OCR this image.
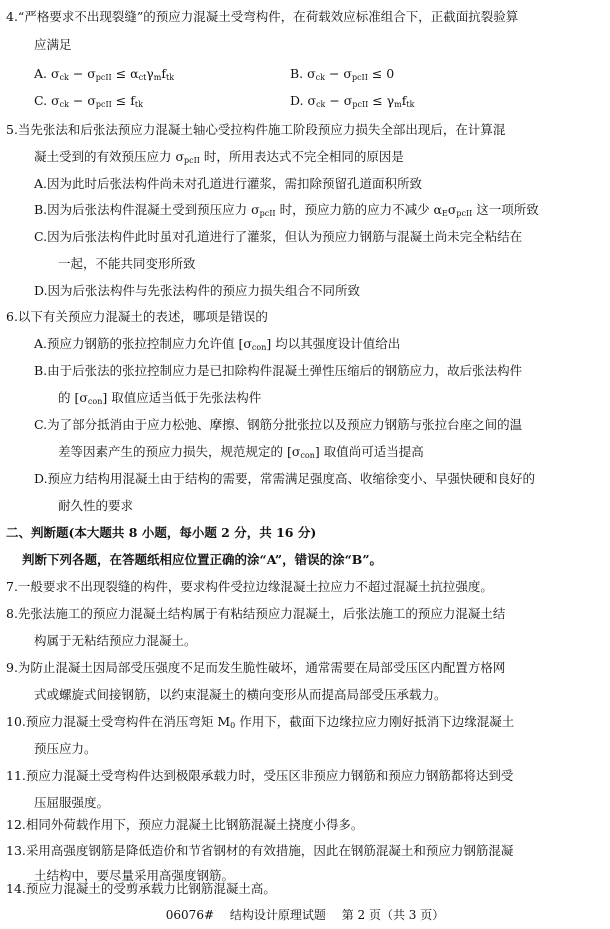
4.“严格要求不出现裂缝”的预应力混凝土受弯构件，在荷载效应标准组合下，正截面抗裂验算
应满足
A. $\sigma_{ck} - \sigma_{pcII} \le \alpha_{ct}\gamma_mf_{tk}$	B. $\sigma_{ck} - \sigma_{pcII} \le 0$
C. $\sigma_{ck} - \sigma_{pcII} \le f_{tk}$	D. $\sigma_{ck} - \sigma_{pcII} \le \gamma_mf_{tk}$
5.当先张法和后张法预应力混凝土轴心受拉构件施工阶段预应力损失全部出现后，在计算混
凝土受到的有效预压应力 $\sigma_{pcII}$ 时，所用表达式不完全相同的原因是
A.因为此时后张法构件尚未对孔道进行灌浆，需扣除预留孔道面积所致
B.因为后张法构件混凝土受到预压应力 $\sigma_{pcII}$ 时，预应力筋的应力不减少 $\alpha_E\sigma_{pcII}$ 这一项所致
C.因为后张法构件此时虽对孔道进行了灌浆，但认为预应力钢筋与混凝土尚未完全粘结在
一起，不能共同变形所致
D.因为后张法构件与先张法构件的预应力损失组合不同所致
6.以下有关预应力混凝土的表述，哪项是错误的
A.预应力钢筋的张拉控制应力允许值 $[\sigma_{con}]$ 均以其强度设计值给出
B.由于后张法的张拉控制应力是已扣除构件混凝土弹性压缩后的钢筋应力，故后张法构件
的 $[\sigma_{con}]$ 取值应适当低于先张法构件
C.为了部分抵消由于应力松弛、摩擦、钢筋分批张拉以及预应力钢筋与张拉台座之间的温
差等因素产生的预应力损失，规范规定的 $[\sigma_{con}]$ 取值尚可适当提高
D.预应力结构用混凝土由于结构的需要，常需满足强度高、收缩徐变小、早强快硬和良好的
耐久性的要求
二、判断题(本大题共 8 小题，每小题 2 分，共 16 分)
判断下列各题，在答题纸相应位置正确的涂“A”，错误的涂“B”。
7.一般要求不出现裂缝的构件，要求构件受拉边缘混凝土拉应力不超过混凝土抗拉强度。
8.先张法施工的预应力混凝土结构属于有粘结预应力混凝土，后张法施工的预应力混凝土结
构属于无粘结预应力混凝土。
9.为防止混凝土因局部受压强度不足而发生脆性破坏，通常需要在局部受压区内配置方格网
式或螺旋式间接钢筋，以约束混凝土的横向变形从而提高局部受压承载力。
10.预应力混凝土受弯构件在消压弯矩 $M_0$ 作用下，截面下边缘拉应力刚好抵消下边缘混凝土
预压应力。
11.预应力混凝土受弯构件达到极限承载力时，受压区非预应力钢筋和预应力钢筋都将达到受
压屈服强度。
12.相同外荷载作用下，预应力混凝土比钢筋混凝土挠度小得多。
13.采用高强度钢筋是降低造价和节省钢材的有效措施，因此在钢筋混凝土和预应力钢筋混凝
土结构中，要尽量采用高强度钢筋。
14.预应力混凝土的受剪承载力比钢筋混凝土高。
06076# 结构设计原理试题 第 2 页（共 3 页）
